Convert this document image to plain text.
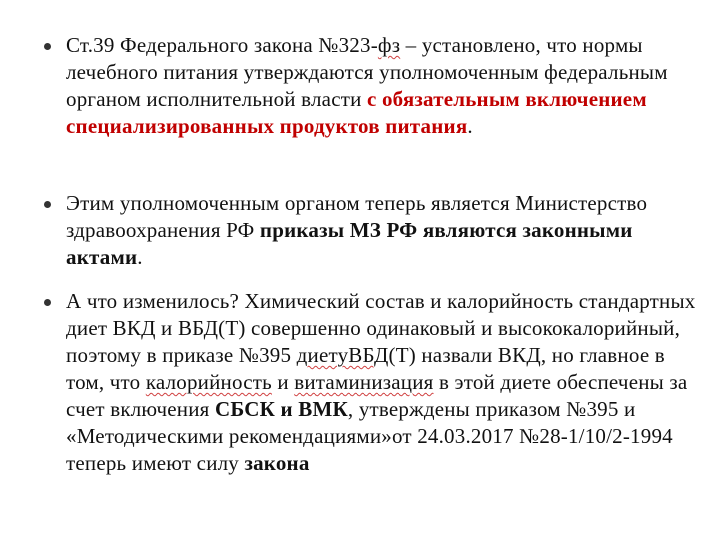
Ст.39 Федерального закона №323-фз – установлено, что нормы лечебного питания утверждаются уполномоченным федеральным органом исполнительной власти с обязательным включением специализированных продуктов питания.
Этим уполномоченным органом теперь является Министерство здравоохранения РФ приказы МЗ РФ являются законными актами.
А что изменилось? Химический состав и калорийность стандартных диет ВКД и ВБД(Т) совершенно одинаковый и высококалорийный, поэтому в приказе №395 диетуВБД(Т) назвали ВКД, но главное в том, что калорийность и витаминизация в этой диете обеспечены за счет включения СБСК и ВМК, утверждены приказом №395 и «Методическими рекомендациями»от 24.03.2017 №28-1/10/2-1994 теперь имеют силу закона
